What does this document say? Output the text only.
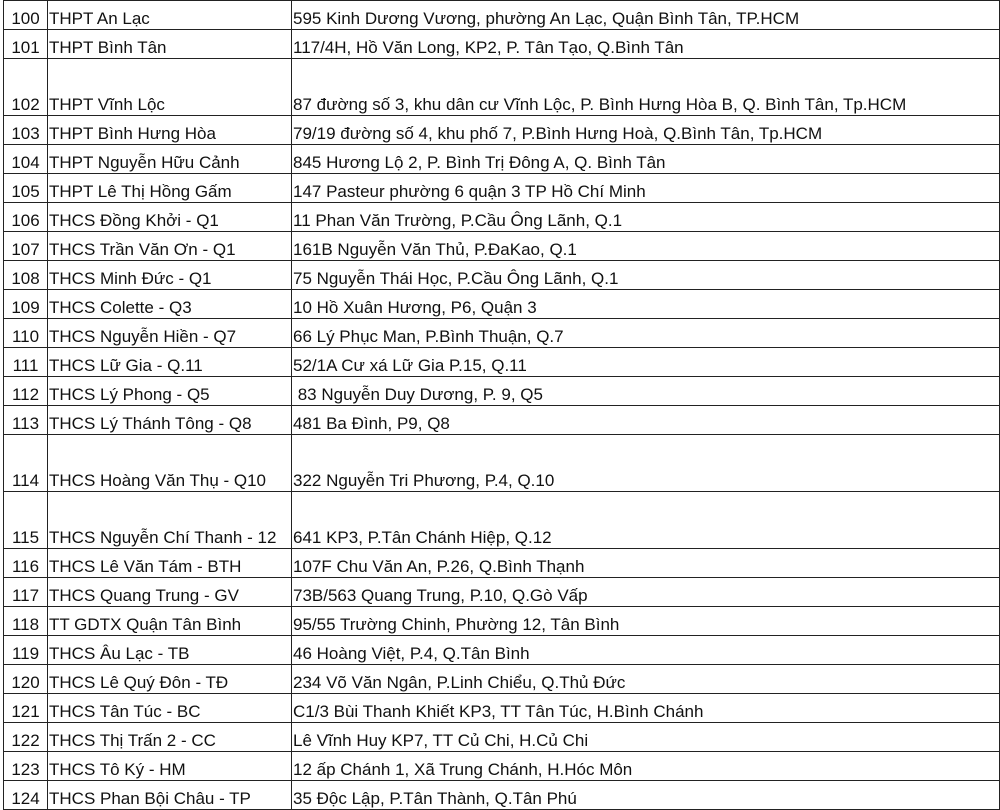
100	THPT An Lạc	595 Kinh Dương Vương, phường An Lạc, Quận Bình Tân, TP.HCM
101	THPT Bình Tân	117/4H, Hồ Văn Long, KP2, P. Tân Tạo, Q.Bình Tân
102	THPT Vĩnh Lộc	87 đường số 3, khu dân cư Vĩnh Lộc, P. Bình Hưng Hòa B, Q. Bình Tân, Tp.HCM
103	THPT Bình Hưng Hòa	79/19 đường số 4, khu phố 7, P.Bình Hưng Hoà, Q.Bình Tân, Tp.HCM
104	THPT Nguyễn Hữu Cảnh	845 Hương Lộ 2, P. Bình Trị Đông A, Q. Bình Tân
105	THPT Lê Thị Hồng Gấm	147 Pasteur phường 6 quận 3 TP Hồ Chí Minh
106	THCS Đồng Khởi - Q1	11 Phan Văn Trường, P.Cầu Ông Lãnh, Q.1
107	THCS Trần Văn Ơn - Q1	161B Nguyễn Văn Thủ, P.ĐaKao, Q.1
108	THCS Minh Đức - Q1	75 Nguyễn Thái Học, P.Cầu Ông Lãnh, Q.1
109	THCS Colette - Q3	10 Hồ Xuân Hương, P6, Quận 3
110	THCS Nguyễn Hiền - Q7	66 Lý Phục Man, P.Bình Thuận, Q.7
111	THCS Lữ Gia - Q.11	52/1A Cư xá Lữ Gia P.15, Q.11
112	THCS Lý Phong - Q5	83 Nguyễn Duy Dương, P. 9, Q5
113	THCS Lý Thánh Tông - Q8	481 Ba Đình, P9, Q8
114	THCS Hoàng Văn Thụ - Q10	322 Nguyễn Tri Phương, P.4, Q.10
115	THCS Nguyễn Chí Thanh - 12	641 KP3, P.Tân Chánh Hiệp, Q.12
116	THCS Lê Văn Tám - BTH	107F Chu Văn An, P.26, Q.Bình Thạnh
117	THCS Quang Trung - GV	73B/563 Quang Trung, P.10, Q.Gò Vấp
118	TT GDTX Quận Tân Bình	95/55 Trường Chinh, Phường 12, Tân Bình
119	THCS Âu Lạc - TB	46 Hoàng Việt, P.4, Q.Tân Bình
120	THCS Lê Quý Đôn - TĐ	234 Võ Văn Ngân, P.Linh Chiểu, Q.Thủ Đức
121	THCS Tân Túc - BC	C1/3 Bùi Thanh Khiết KP3, TT Tân Túc, H.Bình Chánh
122	THCS Thị Trấn 2 - CC	Lê Vĩnh Huy KP7, TT Củ Chi, H.Củ Chi
123	THCS Tô Ký - HM	12 ấp Chánh 1, Xã Trung Chánh, H.Hóc Môn
124	THCS Phan Bội Châu - TP	35 Độc Lập, P.Tân Thành, Q.Tân Phú
